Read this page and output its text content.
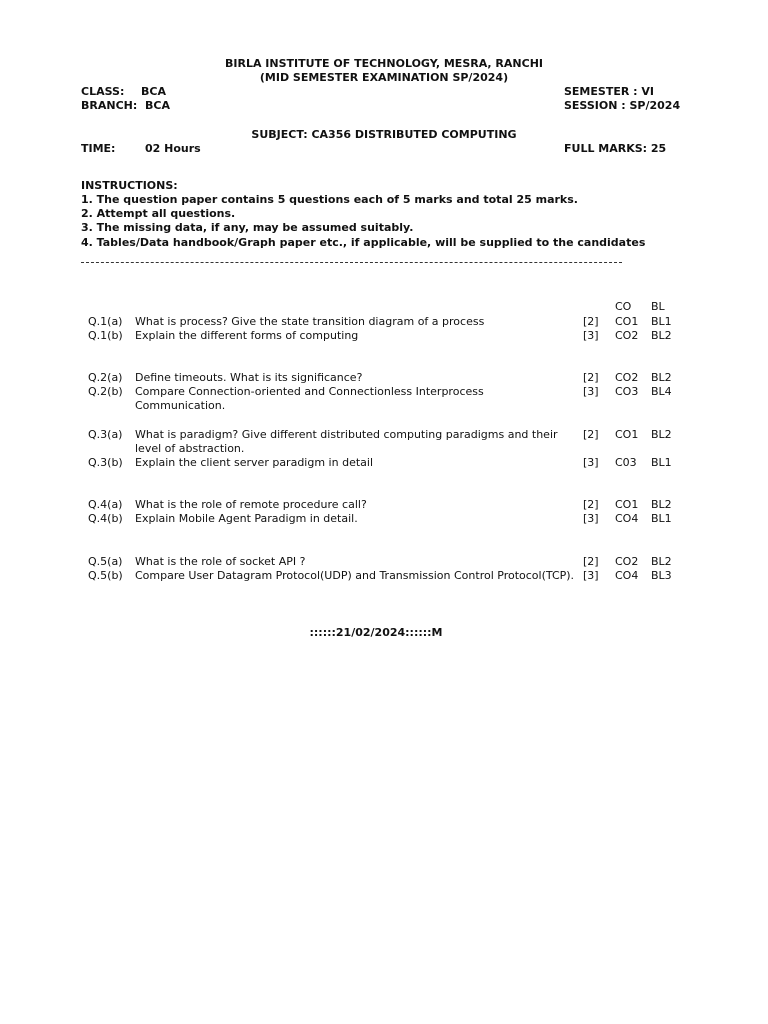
BIRLA INSTITUTE OF TECHNOLOGY, MESRA, RANCHI
(MID SEMESTER EXAMINATION SP/2024)
CLASS: BCA
BRANCH: BCA
SEMESTER : VI
SESSION : SP/2024
SUBJECT: CA356 DISTRIBUTED COMPUTING
TIME:	02 Hours	FULL MARKS: 25
INSTRUCTIONS:
1. The question paper contains 5 questions each of 5 marks and total 25 marks.
2. Attempt all questions.
3. The missing data, if any, may be assumed suitably.
4. Tables/Data handbook/Graph paper etc., if applicable, will be supplied to the candidates
CO BL
Q.1(a) What is process? Give the state transition diagram of a process	[2] CO1 BL1
Q.1(b) Explain the different forms of computing	[3] CO2 BL2
Q.2(a) Define timeouts. What is its significance?	[2] CO2 BL2
Q.2(b) Compare Connection-oriented and Connectionless Interprocess Communication.
[3] CO3 BL4
Q.3(a) What is paradigm? Give different distributed computing paradigms and their level of abstraction.
[2] CO1 BL2
Q.3(b) Explain the client server paradigm in detail	[3] C03 BL1
Q.4(a) What is the role of remote procedure call?	[2] CO1 BL2
Q.4(b) Explain Mobile Agent Paradigm in detail.	[3] CO4 BL1
Q.5(a) What is the role of socket API ?	[2] CO2 BL2
Q.5(b) Compare User Datagram Protocol(UDP) and Transmission Control Protocol(TCP). [3] CO4 BL3
::::::21/02/2024::::::M
